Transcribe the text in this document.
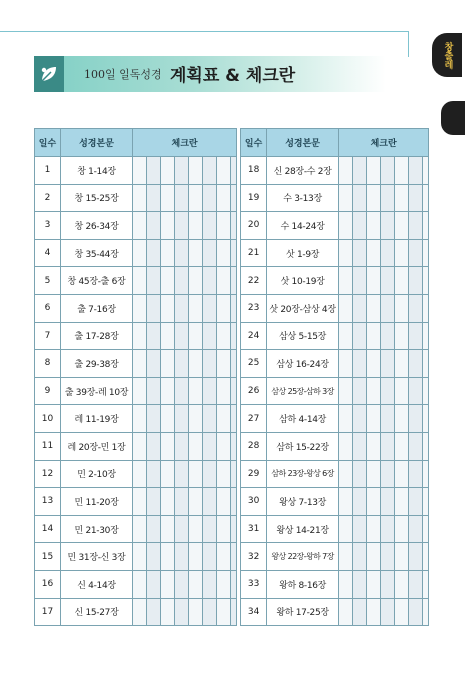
100일 일독성경 계획표 & 체크란
창출레
일수	성경본문	체크란									일수	성경본문	체크란						
1	창 1-14장										18	신 28장-수 2장							
2	창 15-25장										19	수 3-13장							
3	창 26-34장										20	수 14-24장							
4	창 35-44장										21	삿 1-9장							
5	창 45장-출 6장										22	삿 10-19장							
6	출 7-16장										23	삿 20장-삼상 4장							
7	출 17-28장										24	삼상 5-15장							
8	출 29-38장										25	삼상 16-24장							
9	출 39장-레 10장										26	삼상 25장-삼하 3장							
10	레 11-19장										27	삼하 4-14장							
11	레 20장-민 1장										28	삼하 15-22장							
12	민 2-10장										29	삼하 23장-왕상 6장							
13	민 11-20장										30	왕상 7-13장							
14	민 21-30장										31	왕상 14-21장							
15	민 31장-신 3장										32	왕상 22장-왕하 7장							
16	신 4-14장										33	왕하 8-16장							
17	신 15-27장										34	왕하 17-25장							
